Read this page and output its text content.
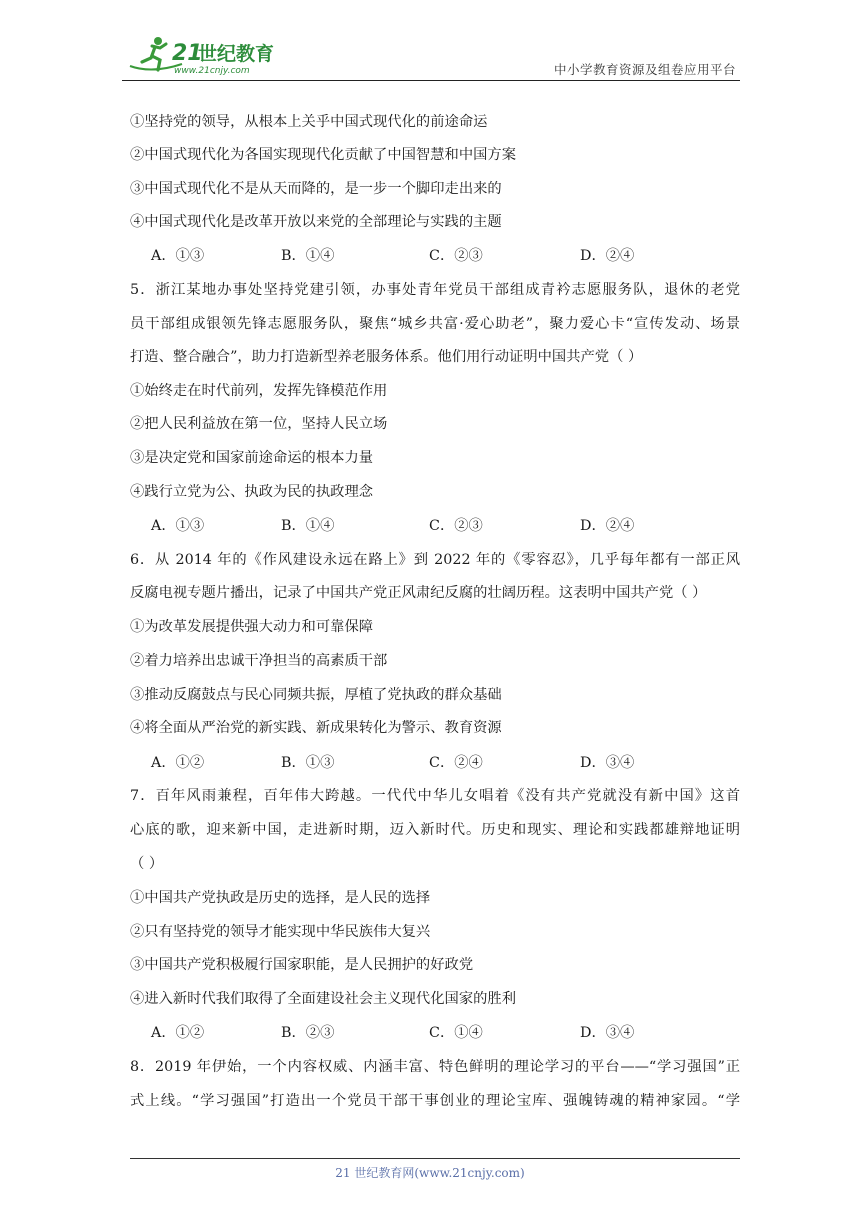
21
世纪教育
www.21cnjy.com	中小学教育资源及组卷应用平台
①坚持党的领导，从根本上关乎中国式现代化的前途命运
②中国式现代化为各国实现现代化贡献了中国智慧和中国方案
③中国式现代化不是从天而降的，是一步一个脚印走出来的
④中国式现代化是改革开放以来党的全部理论与实践的主题
A．①③	B．①④	C．②③	D．②④
5．浙江某地办事处坚持党建引领，办事处青年党员干部组成青衿志愿服务队，退休的老党
员干部组成银领先锋志愿服务队，聚焦“城乡共富·爱心助老”，聚力爱心卡“宣传发动、场景
打造、整合融合”，助力打造新型养老服务体系。他们用行动证明中国共产党（ ）
①始终走在时代前列，发挥先锋模范作用
②把人民利益放在第一位，坚持人民立场
③是决定党和国家前途命运的根本力量
④践行立党为公、执政为民的执政理念
A．①③	B．①④	C．②③	D．②④
6．从 2014 年的《作风建设永远在路上》到 2022 年的《零容忍》，几乎每年都有一部正风
反腐电视专题片播出，记录了中国共产党正风肃纪反腐的壮阔历程。这表明中国共产党（ ）
①为改革发展提供强大动力和可靠保障
②着力培养出忠诚干净担当的高素质干部
③推动反腐鼓点与民心同频共振，厚植了党执政的群众基础
④将全面从严治党的新实践、新成果转化为警示、教育资源
A．①②	B．①③	C．②④	D．③④
7．百年风雨兼程，百年伟大跨越。一代代中华儿女唱着《没有共产党就没有新中国》这首
心底的歌，迎来新中国，走进新时期，迈入新时代。历史和现实、理论和实践都雄辩地证明
（ ）
①中国共产党执政是历史的选择，是人民的选择
②只有坚持党的领导才能实现中华民族伟大复兴
③中国共产党积极履行国家职能，是人民拥护的好政党
④进入新时代我们取得了全面建设社会主义现代化国家的胜利
A．①②	B．②③	C．①④	D．③④
8．2019 年伊始，一个内容权威、内涵丰富、特色鲜明的理论学习的平台——“学习强国”正
式上线。“学习强国”打造出一个党员干部干事创业的理论宝库、强魄铸魂的精神家园。“学
21 世纪教育网(www.21cnjy.com)
